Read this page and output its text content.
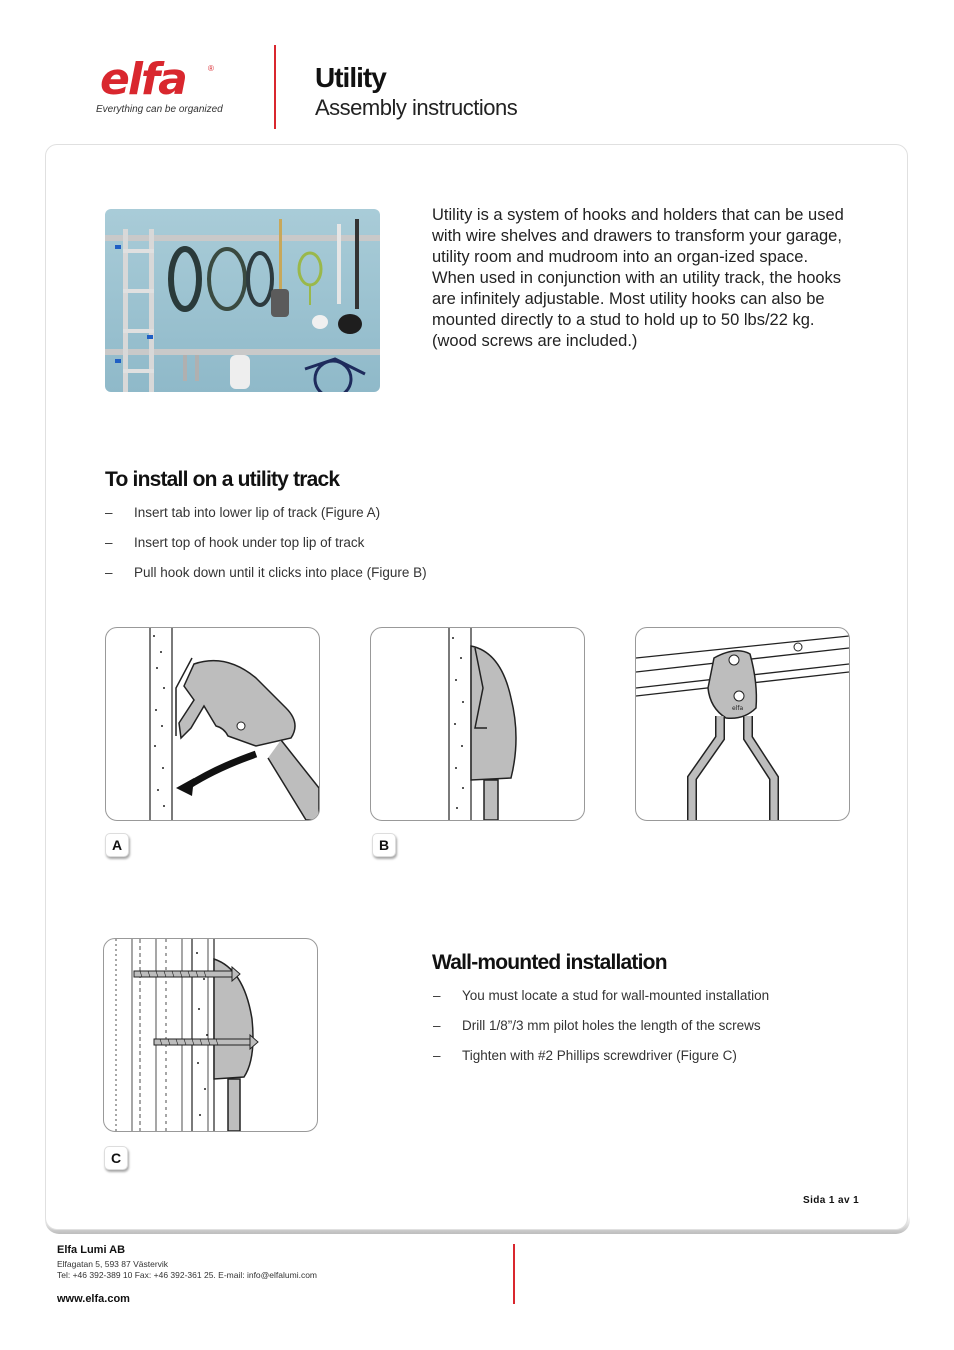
elfa	®
Everything can be organized
Utility
Assembly instructions
Utility is a system of hooks and holders that can be used with wire shelves and drawers to transform your garage, utility room and mudroom into an organ-ized space. When used in conjunction with an utility track, the hooks are infinitely adjustable. Most utility hooks can also be mounted directly to a stud to hold up to 50 lbs/22 kg. (wood screws are included.)
To install on a utility track
– Insert tab into lower lip of track (Figure A)
– Insert top of hook under top lip of track
– Pull hook down until it clicks into place (Figure B)
elfa
A	B
C
Wall-mounted installation
– You must locate a stud for wall-mounted installation
– Drill 1/8”/3 mm pilot holes the length of the screws
– Tighten with #2 Phillips screwdriver (Figure C)
Sida 1 av 1
Elfa Lumi AB
Elfagatan 5, 593 87 Västervik
Tel: +46 392-389 10 Fax: +46 392-361 25. E-mail: info@elfalumi.com
www.elfa.com
